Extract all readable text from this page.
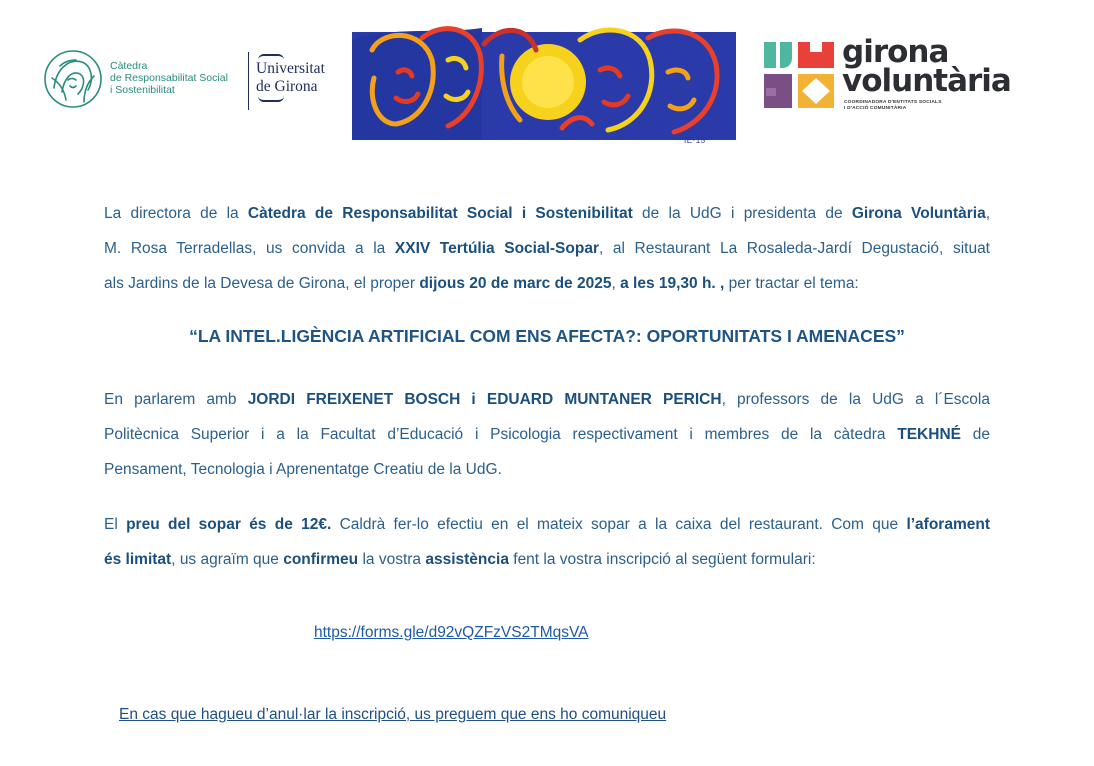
Càtedra
de Responsabilitat Social
i Sostenibilitat
Universitat
de Girona
IE·15
girona
voluntària
COORDINADORA D'ENTITATS SOCIALS
I D'ACCIÓ COMUNITÀRIA

La directora de la Càtedra de Responsabilitat Social i Sostenibilitat de la UdG i presidenta de Girona Voluntària,

M. Rosa Terradellas, us convida a la XXIV Tertúlia Social-Sopar, al Restaurant La Rosaleda-Jardí Degustació, situat

als Jardins de la Devesa de Girona, el proper dijous 20 de marc de 2025, a les 19,30 h. , per tractar el tema:

“LA INTEL.LIGÈNCIA ARTIFICIAL COM ENS AFECTA?: OPORTUNITATS I AMENACES”

En parlarem amb JORDI FREIXENET BOSCH i EDUARD MUNTANER PERICH, professors de la UdG a l´Escola

Politècnica Superior i a la Facultat d’Educació i Psicologia respectivament i membres de la càtedra TEKHNÉ de

Pensament, Tecnologia i Aprenentatge Creatiu de la UdG.

El preu del sopar és de 12€. Caldrà fer-lo efectiu en el mateix sopar a la caixa del restaurant. Com que l’aforament

és limitat, us agraïm que confirmeu la vostra assistència fent la vostra inscripció al següent formulari:

https://forms.gle/d92vQZFzVS2TMqsVA
En cas que hagueu d’anul·lar la inscripció, us preguem que ens ho comuniqueu
